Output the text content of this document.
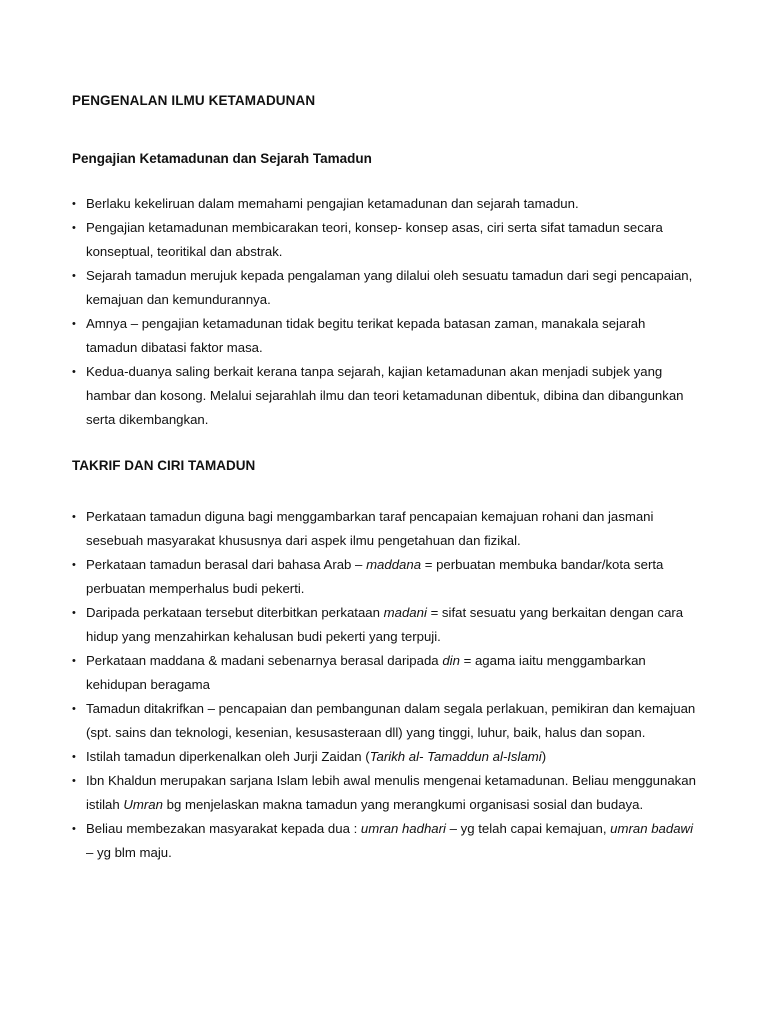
PENGENALAN ILMU KETAMADUNAN
Pengajian Ketamadunan dan Sejarah Tamadun
• Berlaku kekeliruan dalam memahami pengajian ketamadunan dan sejarah tamadun.
• Pengajian ketamadunan membicarakan teori, konsep- konsep asas, ciri serta sifat tamadun secara konseptual, teoritikal dan abstrak.
• Sejarah tamadun merujuk kepada pengalaman yang dilalui oleh sesuatu tamadun dari segi pencapaian, kemajuan dan kemundurannya.
• Amnya – pengajian ketamadunan tidak begitu terikat kepada batasan zaman, manakala sejarah tamadun dibatasi faktor masa.
• Kedua-duanya saling berkait kerana tanpa sejarah, kajian ketamadunan akan menjadi subjek yang hambar dan kosong. Melalui sejarahlah ilmu dan teori ketamadunan dibentuk, dibina dan dibangunkan serta dikembangkan.
TAKRIF DAN CIRI TAMADUN
• Perkataan tamadun diguna bagi menggambarkan taraf pencapaian kemajuan rohani dan jasmani sesebuah masyarakat khususnya dari aspek ilmu pengetahuan dan fizikal.
• Perkataan tamadun berasal dari bahasa Arab – maddana = perbuatan membuka bandar/kota serta perbuatan memperhalus budi pekerti.
• Daripada perkataan tersebut diterbitkan perkataan madani = sifat sesuatu yang berkaitan dengan cara hidup yang menzahirkan kehalusan budi pekerti yang terpuji.
• Perkataan maddana & madani sebenarnya berasal daripada din = agama iaitu menggambarkan kehidupan beragama
• Tamadun ditakrifkan – pencapaian dan pembangunan dalam segala perlakuan, pemikiran dan kemajuan (spt. sains dan teknologi, kesenian, kesusasteraan dll) yang tinggi, luhur, baik, halus dan sopan.
• Istilah tamadun diperkenalkan oleh Jurji Zaidan (Tarikh al- Tamaddun al-Islami)
• Ibn Khaldun merupakan sarjana Islam lebih awal menulis mengenai ketamadunan. Beliau menggunakan istilah Umran bg menjelaskan makna tamadun yang merangkumi organisasi sosial dan budaya.
• Beliau membezakan masyarakat kepada dua : umran hadhari – yg telah capai kemajuan, umran badawi – yg blm maju.
